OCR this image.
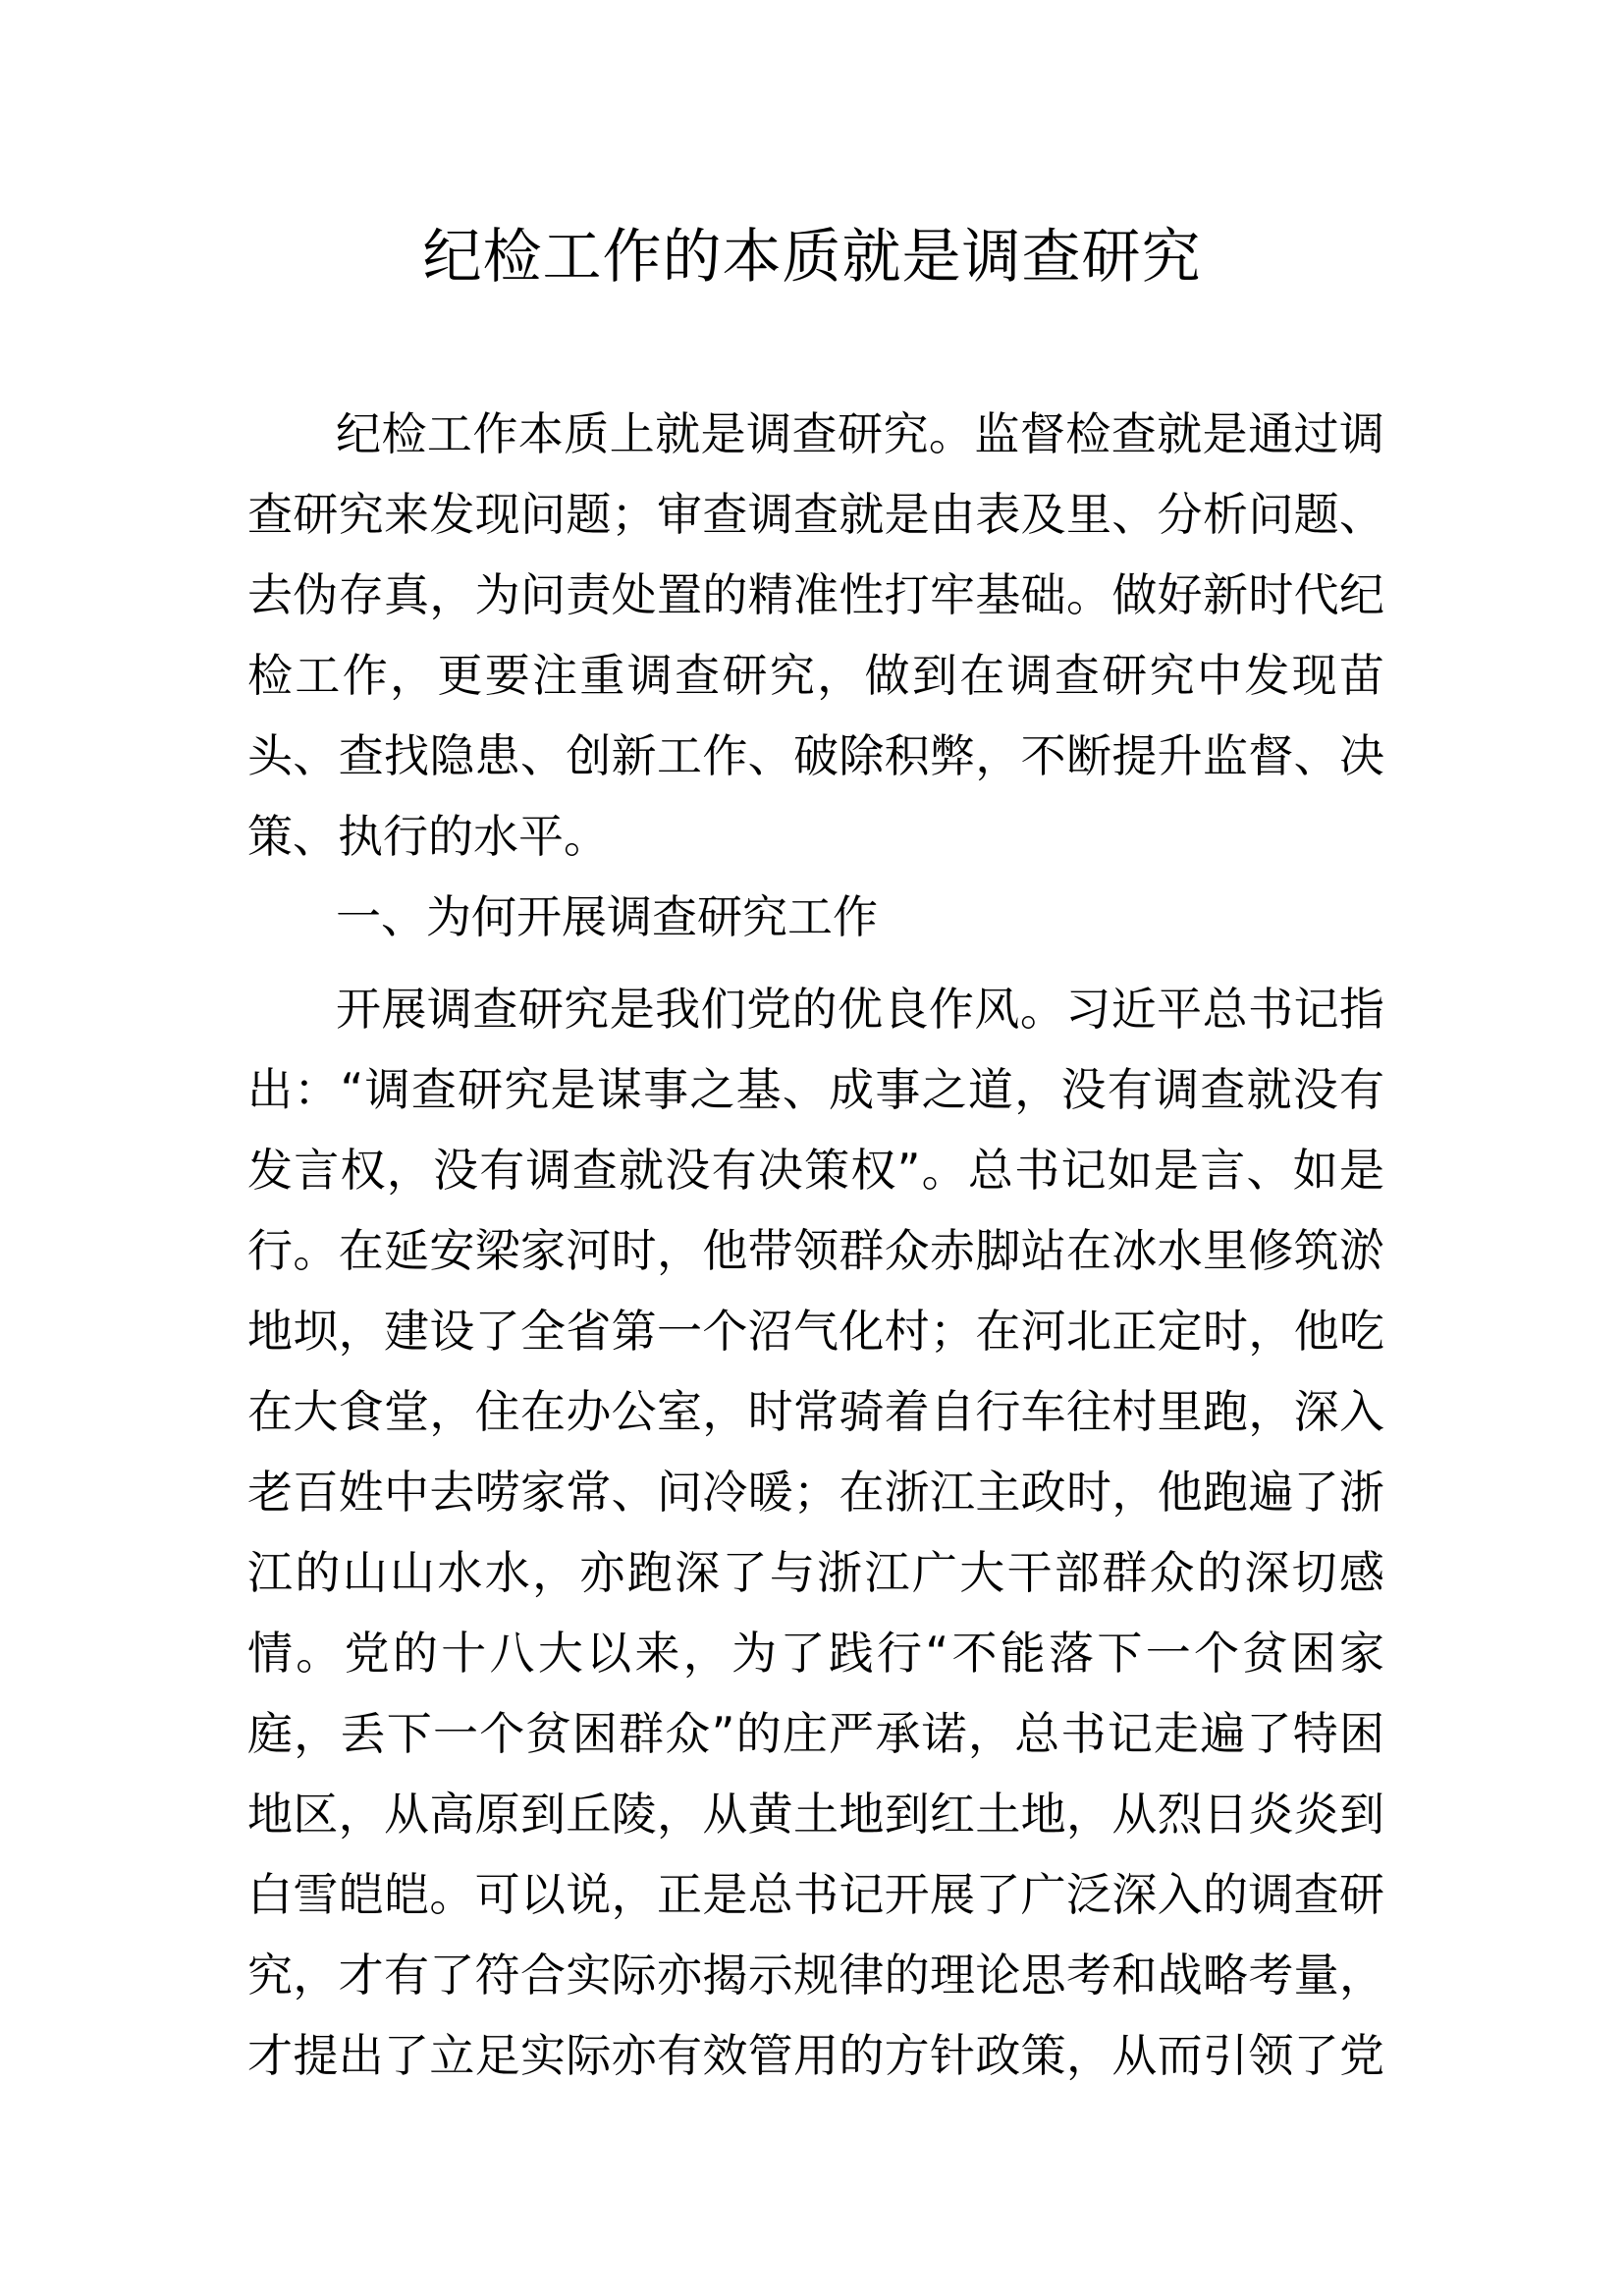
纪检工作的本质就是调查研究
纪检工作本质上就是调查研究。监督检查就是通过调
查研究来发现问题；审查调查就是由表及里、分析问题、
去伪存真，为问责处置的精准性打牢基础。做好新时代纪
检工作，更要注重调查研究，做到在调查研究中发现苗
头、查找隐患、创新工作、破除积弊，不断提升监督、决
策、执行的水平。
一、为何开展调查研究工作
开展调查研究是我们党的优良作风。习近平总书记指
出：“调查研究是谋事之基、成事之道，没有调查就没有
发言权，没有调查就没有决策权”。总书记如是言、如是
行。在延安梁家河时，他带领群众赤脚站在冰水里修筑淤
地坝，建设了全省第一个沼气化村；在河北正定时，他吃
在大食堂，住在办公室，时常骑着自行车往村里跑，深入
老百姓中去唠家常、问冷暖；在浙江主政时，他跑遍了浙
江的山山水水，亦跑深了与浙江广大干部群众的深切感
情。党的十八大以来，为了践行“不能落下一个贫困家
庭，丢下一个贫困群众”的庄严承诺，总书记走遍了特困
地区，从高原到丘陵，从黄土地到红土地，从烈日炎炎到
白雪皑皑。可以说，正是总书记开展了广泛深入的调查研
究，才有了符合实际亦揭示规律的理论思考和战略考量，
才提出了立足实际亦有效管用的方针政策，从而引领了党
